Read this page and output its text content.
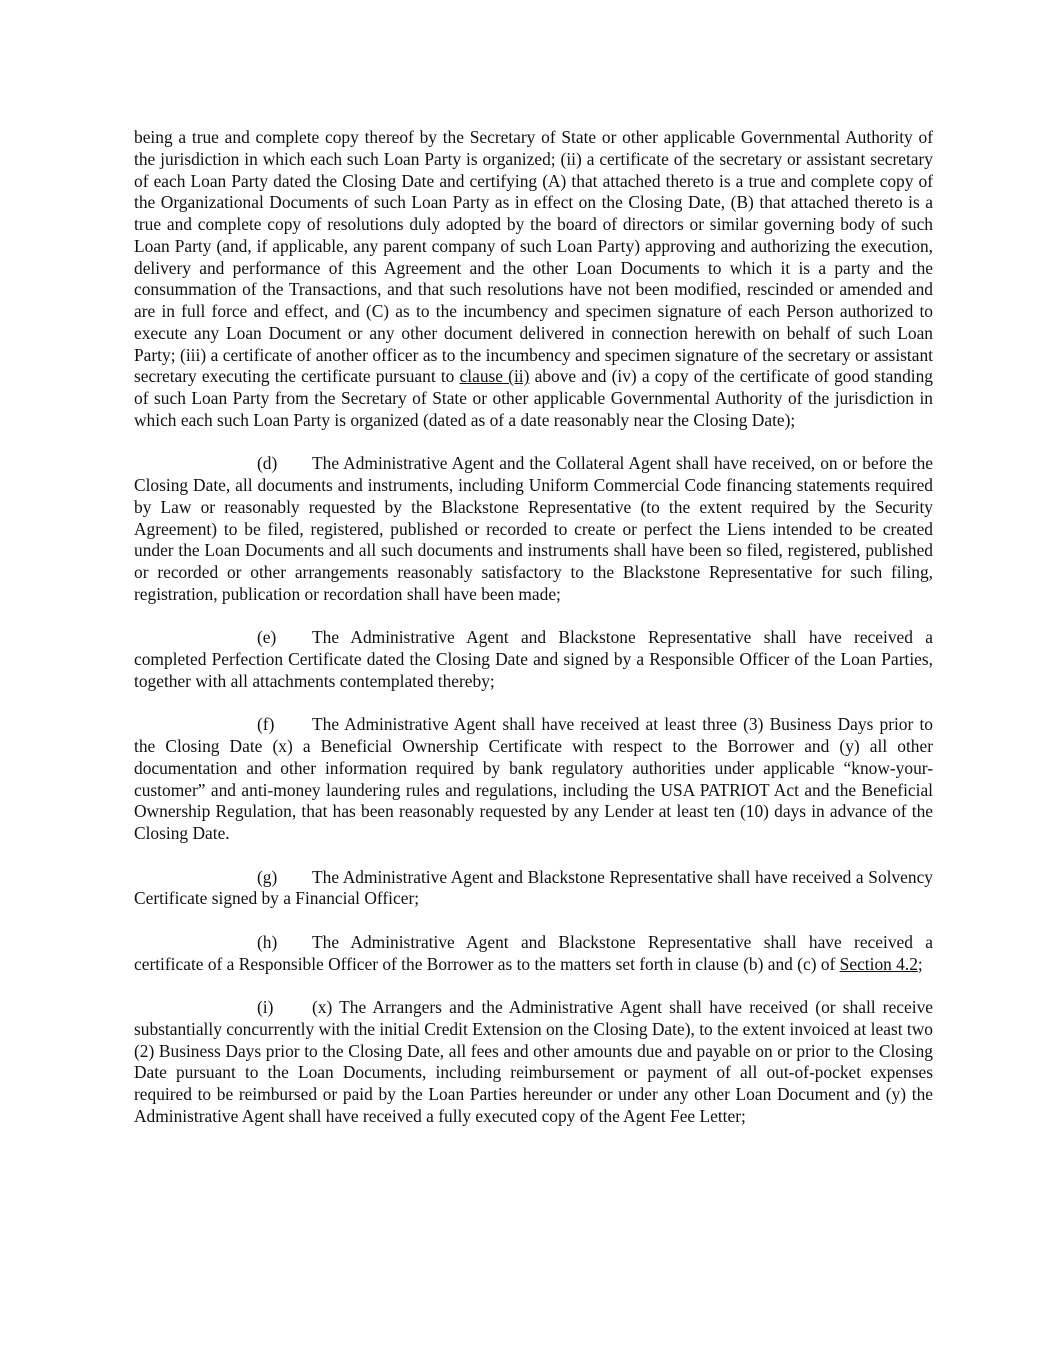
being a true and complete copy thereof by the Secretary of State or other applicable Governmental Authority of the jurisdiction in which each such Loan Party is organized; (ii) a certificate of the secretary or assistant secretary of each Loan Party dated the Closing Date and certifying (A) that attached thereto is a true and complete copy of the Organizational Documents of such Loan Party as in effect on the Closing Date, (B) that attached thereto is a true and complete copy of resolutions duly adopted by the board of directors or similar governing body of such Loan Party (and, if applicable, any parent company of such Loan Party) approving and authorizing the execution, delivery and performance of this Agreement and the other Loan Documents to which it is a party and the consummation of the Transactions, and that such resolutions have not been modified, rescinded or amended and are in full force and effect, and (C) as to the incumbency and specimen signature of each Person authorized to execute any Loan Document or any other document delivered in connection herewith on behalf of such Loan Party; (iii) a certificate of another officer as to the incumbency and specimen signature of the secretary or assistant secretary executing the certificate pursuant to clause (ii) above and (iv) a copy of the certificate of good standing of such Loan Party from the Secretary of State or other applicable Governmental Authority of the jurisdiction in which each such Loan Party is organized (dated as of a date reasonably near the Closing Date);

(d) The Administrative Agent and the Collateral Agent shall have received, on or before the Closing Date, all documents and instruments, including Uniform Commercial Code financing statements required by Law or reasonably requested by the Blackstone Representative (to the extent required by the Security Agreement) to be filed, registered, published or recorded to create or perfect the Liens intended to be created under the Loan Documents and all such documents and instruments shall have been so filed, registered, published or recorded or other arrangements reasonably satisfactory to the Blackstone Representative for such filing, registration, publication or recordation shall have been made;

(e) The Administrative Agent and Blackstone Representative shall have received a completed Perfection Certificate dated the Closing Date and signed by a Responsible Officer of the Loan Parties, together with all attachments contemplated thereby;

(f) The Administrative Agent shall have received at least three (3) Business Days prior to the Closing Date (x) a Beneficial Ownership Certificate with respect to the Borrower and (y) all other documentation and other information required by bank regulatory authorities under applicable “know-your-customer” and anti-money laundering rules and regulations, including the USA PATRIOT Act and the Beneficial Ownership Regulation, that has been reasonably requested by any Lender at least ten (10) days in advance of the Closing Date.

(g) The Administrative Agent and Blackstone Representative shall have received a Solvency Certificate signed by a Financial Officer;

(h) The Administrative Agent and Blackstone Representative shall have received a certificate of a Responsible Officer of the Borrower as to the matters set forth in clause (b) and (c) of Section 4.2;

(i) (x) The Arrangers and the Administrative Agent shall have received (or shall receive substantially concurrently with the initial Credit Extension on the Closing Date), to the extent invoiced at least two (2) Business Days prior to the Closing Date, all fees and other amounts due and payable on or prior to the Closing Date pursuant to the Loan Documents, including reimbursement or payment of all out-of-pocket expenses required to be reimbursed or paid by the Loan Parties hereunder or under any other Loan Document and (y) the Administrative Agent shall have received a fully executed copy of the Agent Fee Letter;
